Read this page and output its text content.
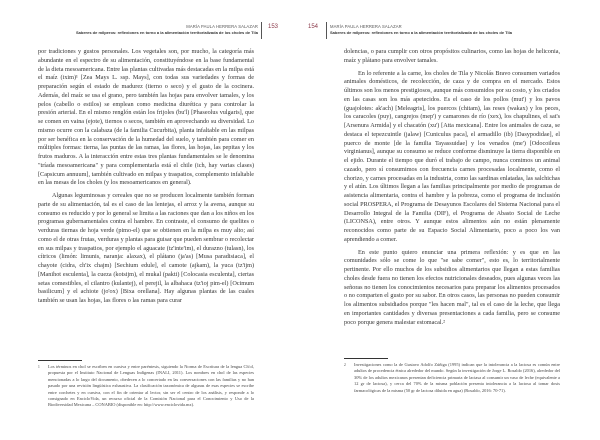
MARÍA PAULA HERRERA SALAZAR
Saberes de milperos: reflexiones en torno a la alimentación territorializada de los choles de Tila
153

por tradiciones y gustos personales. Los vegetales son, por mucho, la categoría más abundante en el espectro de su alimentación, constituyéndose en la base fundamental de la dieta mesoamericana. Entre las plantas cultivadas más destacadas en la milpa está el maíz (ixim)¹ [Zea Mays L. ssp. Mays], con todas sus variedades y formas de preparación según el estado de madurez (tierno o seco) y el gusto de la cocinera. Además, del maíz se usa el grano, pero también las hojas para envolver tamales, y los pelos (cabello o estilos) se emplean como medicina diurética y para controlar la presión arterial. En el mismo renglón están los frijoles (bu'l) [Phaseolus vulgaris], que se comen en vaina (ejote), tiernos o secos, también en aprovechando su diversidad. Lo mismo ocurre con la calabaza (de la familia Cucurbita), planta infaltable en las milpas por ser benéfica en la conservación de la humedad del suelo, y también para comer en múltiples formas: tierna, las puntas de las ramas, las flores, las hojas, las pepitas y los frutos maduros. A la interacción entre estas tres plantas fundamentales se le denomina "tríada mesoamericana" y para complementarla está el chile (ich, hay varias clases) [Capsicum annuum], también cultivado en milpas y traspatios, complemento infaltable en las mesas de los choles (y los mesoamericanos en general).

Algunas leguminosas y cereales que no se producen localmente también forman parte de su alimentación, tal es el caso de las lentejas, el arroz y la avena, aunque su consumo es reducido y por lo general se limita a las raciones que dan a los niños en los programas gubernamentales contra el hambre. En contraste, el consumo de quelites o verduras tiernas de hoja verde (pimo-el) que se obtienen en la milpa es muy alto; así como el de otras frutas, verduras y plantas para guisar que pueden sembrar o recolectar en sus milpas y traspatios, por ejemplo el aguacate (tz'inte'im), el durazno (tulasn), los cítricos (limón: limunis, naranja: alaxax), el plátano (ja'as) [Musa paradisiaca], el chayote (cidra, ch'ix chajm) [Sechium edule], el camote (ajkam), la yuca (tz'ijm) [Manihot esculenta], la cueza (kotsijm), el mukal (pakti) [Colocasia esculenta], ciertas setas comestibles, el cilantro (kulantej), el perejil, la albahaca (tz'ioj pim-el) [Ocimum basilicum] y el achiote (jo'ox) [Bixa orellana]. Hay algunas plantas de las cuales también se usan las hojas, las flores o las ramas para curar

1 Los términos en chol se escriben en cursiva y entre paréntesis, siguiendo la Norma de Escritura de la lengua Ch'ol, propuesta por el Instituto Nacional de Lenguas Indígenas (INALI, 2011). Los nombres en chol de las especies mencionadas a lo largo del documento, obedecen a lo concertado en las conversaciones con las familias y no han pasado por una revisión lingüística exhaustiva. La clasificación taxonómica de algunas de esas especies se escribe entre corchetes y en cursiva, con el fin de orientar al lector, sin ser el centro de los análisis, y responde a lo consignado en EncicloVida, un recurso oficial de la Comisión Nacional para el Conocimiento y Uso de la Biodiversidad Mexicana – CONABIO (disponible en: http://www.enciclovida.mx).
154	MARÍA PAULA HERRERA SALAZAR
Saberes de milperos: reflexiones en torno a la alimentación territorializada de los choles de Tila

dolencias, o para cumplir con otros propósitos culinarios, como las hojas de heliconia, maíz y plátano para envolver tamales.

En lo referente a la carne, los choles de Tila y Nicolás Bravo consumen variados animales domésticos, de recolección, de caza y de compra en el mercado. Estos últimos son los menos prestigiosos, aunque más consumidos por su costo, y los criados en las casas son los más apetecidos. Es el caso de los pollos (mut') y los pavos (guajolotes: ak'ach) [Meleagris], los puercos (chitam), las reses (wakax) y los peces, los caracoles (puy), cangrejos (mep') y camarones de río (xex), los chapulines, el sat's [Arsenura Armida] y el chacatón (xu') [Atta mexicana]. Entre los animales de caza, se destaca el tepezcuintle (jalaw) [Cuniculus paca], el armadillo (ib) [Dasypodidae], el puerco de monte [de la familia Tayassuidae] y los venados (me') [Odocoileus virginianus], aunque su consumo se reduce conforme disminuye la tierra disponible en el ejido. Durante el tiempo que duró el trabajo de campo, nunca comimos un animal cazado, pero sí consumimos con frecuencia carnes procesadas localmente, como el chorizo, y carnes procesadas en la industria, como las sardinas enlatadas, las salchichas y el atún. Los últimos llegan a las familias principalmente por medio de programas de asistencia alimentaria, contra el hambre y la pobreza, como el programa de inclusión social PROSPERA, el Programa de Desayunos Escolares del Sistema Nacional para el Desarrollo Integral de la Familia (DIF), el Programa de Abasto Social de Leche (LICONSA), entre otros. Y aunque estos alimentos aún no están plenamente reconocidos como parte de su Espacio Social Alimentario, poco a poco los van aprendiendo a comer.

En este punto quiero enunciar una primera reflexión: y es que en las comunidades sólo se come lo que "se sabe comer", esto es, lo territorialmente pertinente. Por ello muchos de los subsidios alimentarios que llegan a estas familias choles desde fuera no tienen los efectos nutricionales deseados, pues algunas veces las señoras no tienen los conocimientos necesarios para preparar los alimentos procesados o no comparten el gusto por su sabor. En otros casos, las personas no pueden consumir los alimentos subsidiados porque "les hacen mal", tal es el caso de la leche, que llega en importantes cantidades y diversas presentaciones a cada familia, pero se consume poco porque genera malestar estomacal.²

2 Investigaciones como la de Gustavo Adolfo Zúñiga (1995) indican que la intolerancia a la lactosa es común entre adultos de procedencia étnica alrededor del mundo. Según la investigación de Jorge L. Rosaldo (2016), alrededor del 30% de los adultos mexicanos presentan deficiencia primaria de lactasa al consumir un vaso de leche (equivalente a 12 gr de lactosa), y cerca del 70% de la misma población presenta intolerancia a la lactosa al tomar dosis farmacológicas de la misma (50 gr de lactosa diluida en agua) (Rosaldo, 2016: 70-71).
